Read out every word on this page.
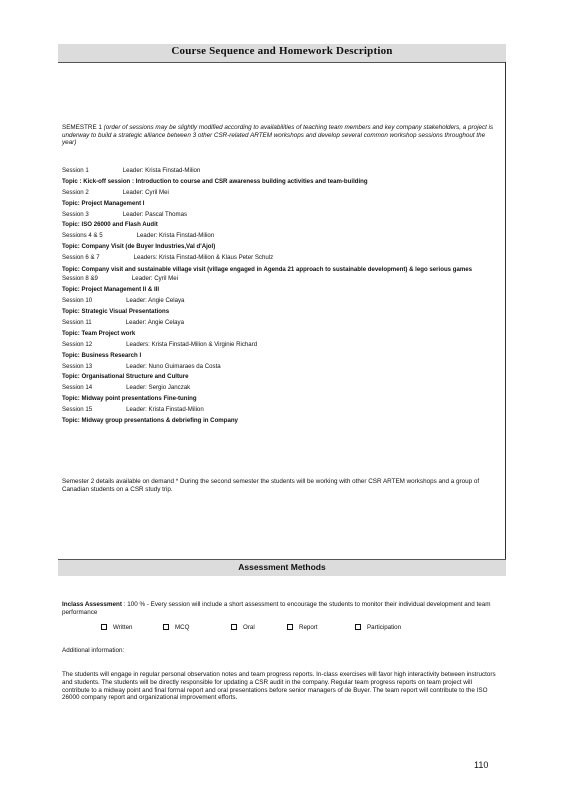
Course Sequence and Homework Description
SEMESTRE 1 (order of sessions may be slightly modified according to availabilities of teaching team members and key company stakeholders, a project is underway to build a strategic alliance between 3 other CSR-related ARTEM workshops and develop several common workshop sessions throughout the year)
Session 1	Leader: Krista Finstad-Milion
Topic : Kick-off session : Introduction to course and CSR awareness building activities and team-building
Session 2	Leader: Cyril Mei
Topic: Project Management I
Session 3	Leader: Pascal Thomas
Topic: ISO 26000 and Flash Audit
Sessions 4 & 5	Leader: Krista Finstad-Milion
Topic: Company Visit (de Buyer Industries,Val d'Ajol)
Session 6 & 7	Leaders: Krista Finstad-Milion & Klaus Peter Schulz
Topic: Company visit and sustainable village visit (village engaged in Agenda 21 approach to sustainable development) & lego serious games
Session 8 &9	Leader: Cyril Mei
Topic: Project Management II & III
Session 10	Leader: Angie Celaya
Topic: Strategic Visual Presentations
Session 11	Leader: Angie Celaya
Topic: Team Project work
Session 12	Leaders: Krista Finstad-Milion & Virginie Richard
Topic: Business Research I
Session 13	Leader: Nuno Guimaraes da Costa
Topic: Organisational Structure and Culture
Session 14	Leader: Sergio Janczak
Topic: Midway point presentations Fine-tuning
Session 15	Leader: Krista Finstad-Milion
Topic: Midway group presentations & debriefing in Company
Semester 2 details available on demand * During the second semester the students will be working with other CSR ARTEM workshops and a group of Canadian students on a CSR study trip.
Assessment Methods
Inclass Assessment : 100 % - Every session will include a short assessment to encourage the students to monitor their individual development and team performance
Written	MCQ	Oral	Report	Participation
Additional information:
The students will engage in regular personal observation notes and team progress reports. In-class exercises will favor high interactivity between instructors and students. The students will be directly responsible for updating a CSR audit in the company. Regular team progress reports on team project will contribute to a midway point and final formal report and oral presentations before senior managers of de Buyer. The team report will contribute to the ISO 26000 company report and organizational improvement efforts.
110
